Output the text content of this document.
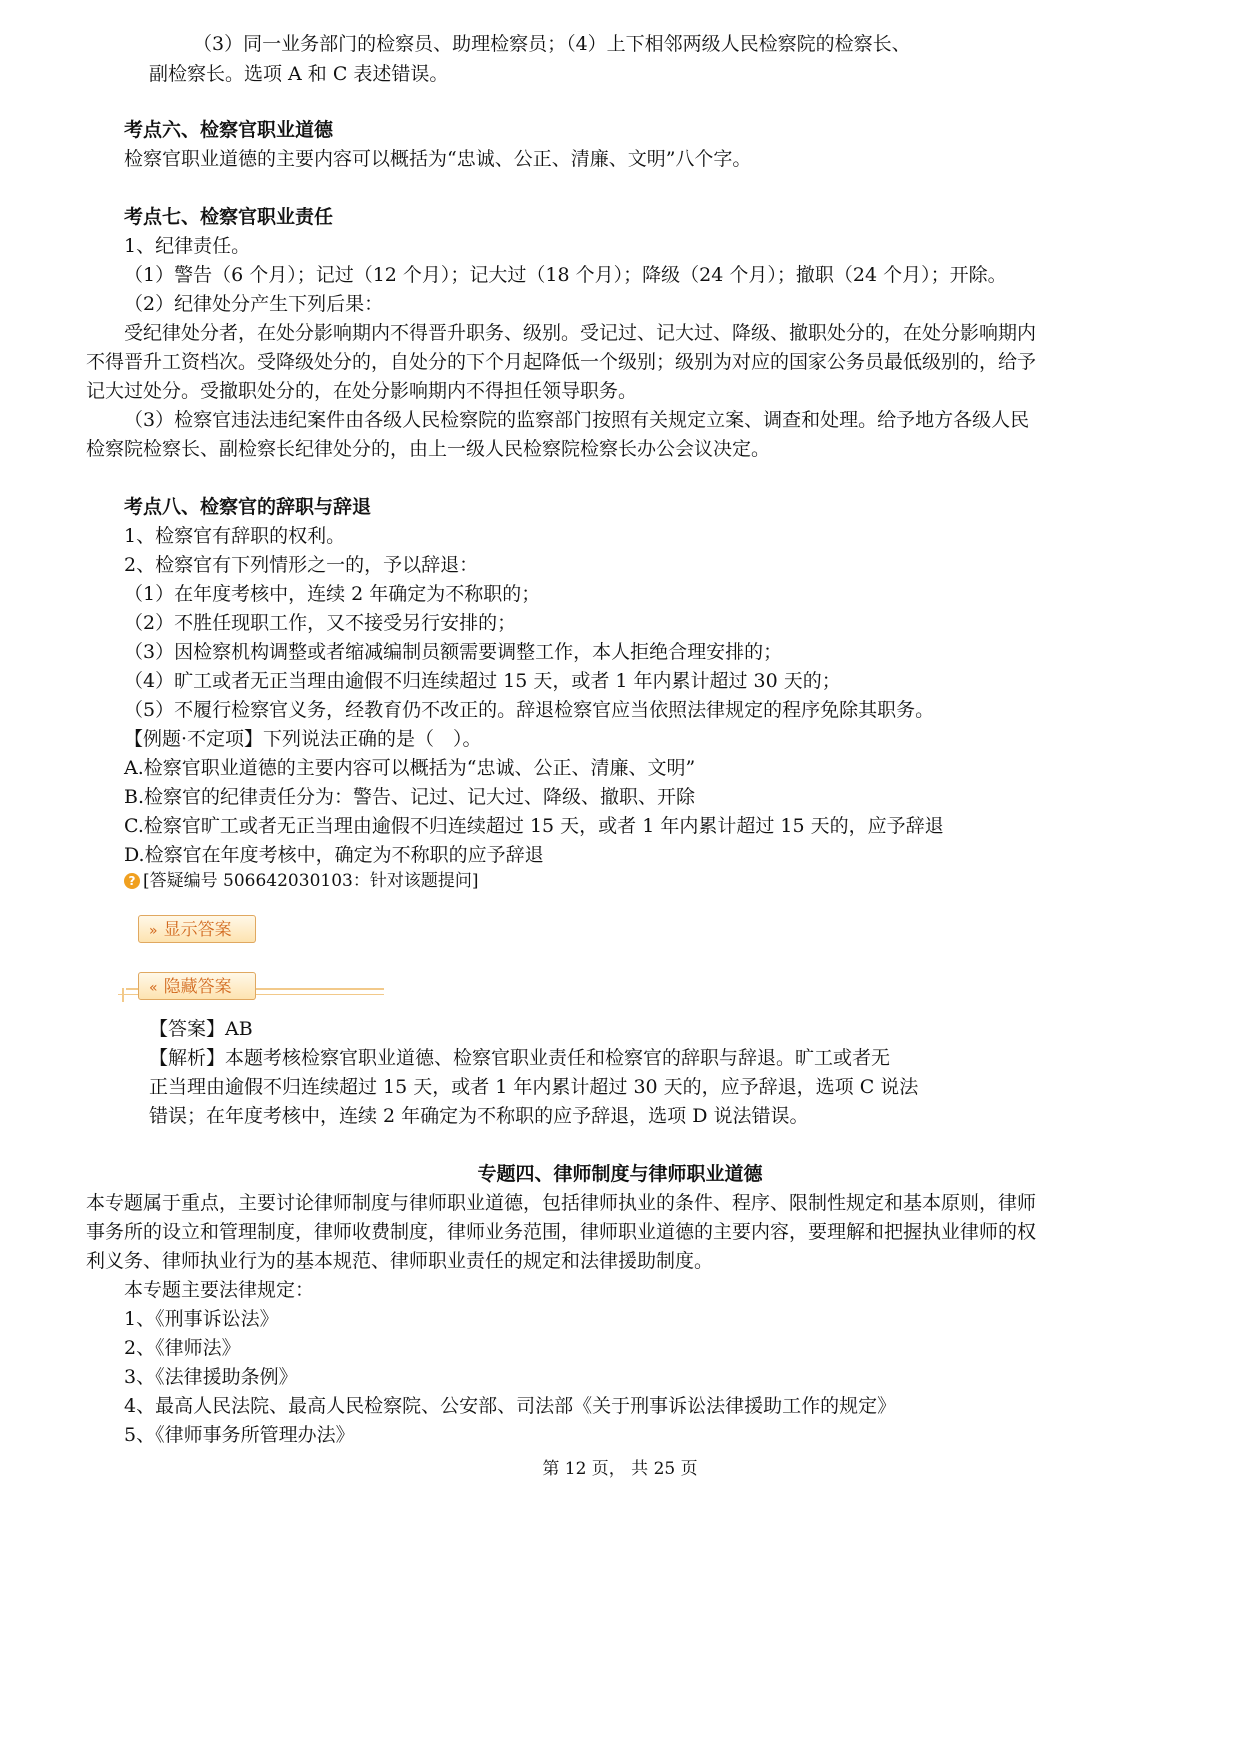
（3）同一业务部门的检察员、助理检察员；（4）上下相邻两级人民检察院的检察长、
副检察长。选项 A 和 C 表述错误。
考点六、检察官职业道德
检察官职业道德的主要内容可以概括为“忠诚、公正、清廉、文明”八个字。
考点七、检察官职业责任
1、纪律责任。
（1）警告（6 个月）；记过（12 个月）；记大过（18 个月）；降级（24 个月）；撤职（24 个月）；开除。
（2）纪律处分产生下列后果：
受纪律处分者，在处分影响期内不得晋升职务、级别。受记过、记大过、降级、撤职处分的，在处分影响期内
不得晋升工资档次。受降级处分的，自处分的下个月起降低一个级别；级别为对应的国家公务员最低级别的，给予
记大过处分。受撤职处分的，在处分影响期内不得担任领导职务。
（3）检察官违法违纪案件由各级人民检察院的监察部门按照有关规定立案、调查和处理。给予地方各级人民
检察院检察长、副检察长纪律处分的，由上一级人民检察院检察长办公会议决定。
考点八、检察官的辞职与辞退
1、检察官有辞职的权利。
2、检察官有下列情形之一的，予以辞退：
（1）在年度考核中，连续 2 年确定为不称职的；
（2）不胜任现职工作，又不接受另行安排的；
（3）因检察机构调整或者缩减编制员额需要调整工作，本人拒绝合理安排的；
（4）旷工或者无正当理由逾假不归连续超过 15 天，或者 1 年内累计超过 30 天的；
（5）不履行检察官义务，经教育仍不改正的。辞退检察官应当依照法律规定的程序免除其职务。
【例题·不定项】下列说法正确的是（　）。
A.检察官职业道德的主要内容可以概括为“忠诚、公正、清廉、文明”
B.检察官的纪律责任分为：警告、记过、记大过、降级、撤职、开除
C.检察官旷工或者无正当理由逾假不归连续超过 15 天，或者 1 年内累计超过 15 天的，应予辞退
D.检察官在年度考核中，确定为不称职的应予辞退
? [答疑编号 506642030103：针对该题提问]
» 显示答案
« 隐藏答案
【答案】AB
【解析】本题考核检察官职业道德、检察官职业责任和检察官的辞职与辞退。旷工或者无
正当理由逾假不归连续超过 15 天，或者 1 年内累计超过 30 天的，应予辞退，选项 C 说法
错误；在年度考核中，连续 2 年确定为不称职的应予辞退，选项 D 说法错误。
专题四、律师制度与律师职业道德
本专题属于重点，主要讨论律师制度与律师职业道德，包括律师执业的条件、程序、限制性规定和基本原则，律师
事务所的设立和管理制度，律师收费制度，律师业务范围，律师职业道德的主要内容，要理解和把握执业律师的权
利义务、律师执业行为的基本规范、律师职业责任的规定和法律援助制度。
本专题主要法律规定：
1、《刑事诉讼法》
2、《律师法》
3、《法律援助条例》
4、最高人民法院、最高人民检察院、公安部、司法部《关于刑事诉讼法律援助工作的规定》
5、《律师事务所管理办法》
第 12 页， 共 25 页
